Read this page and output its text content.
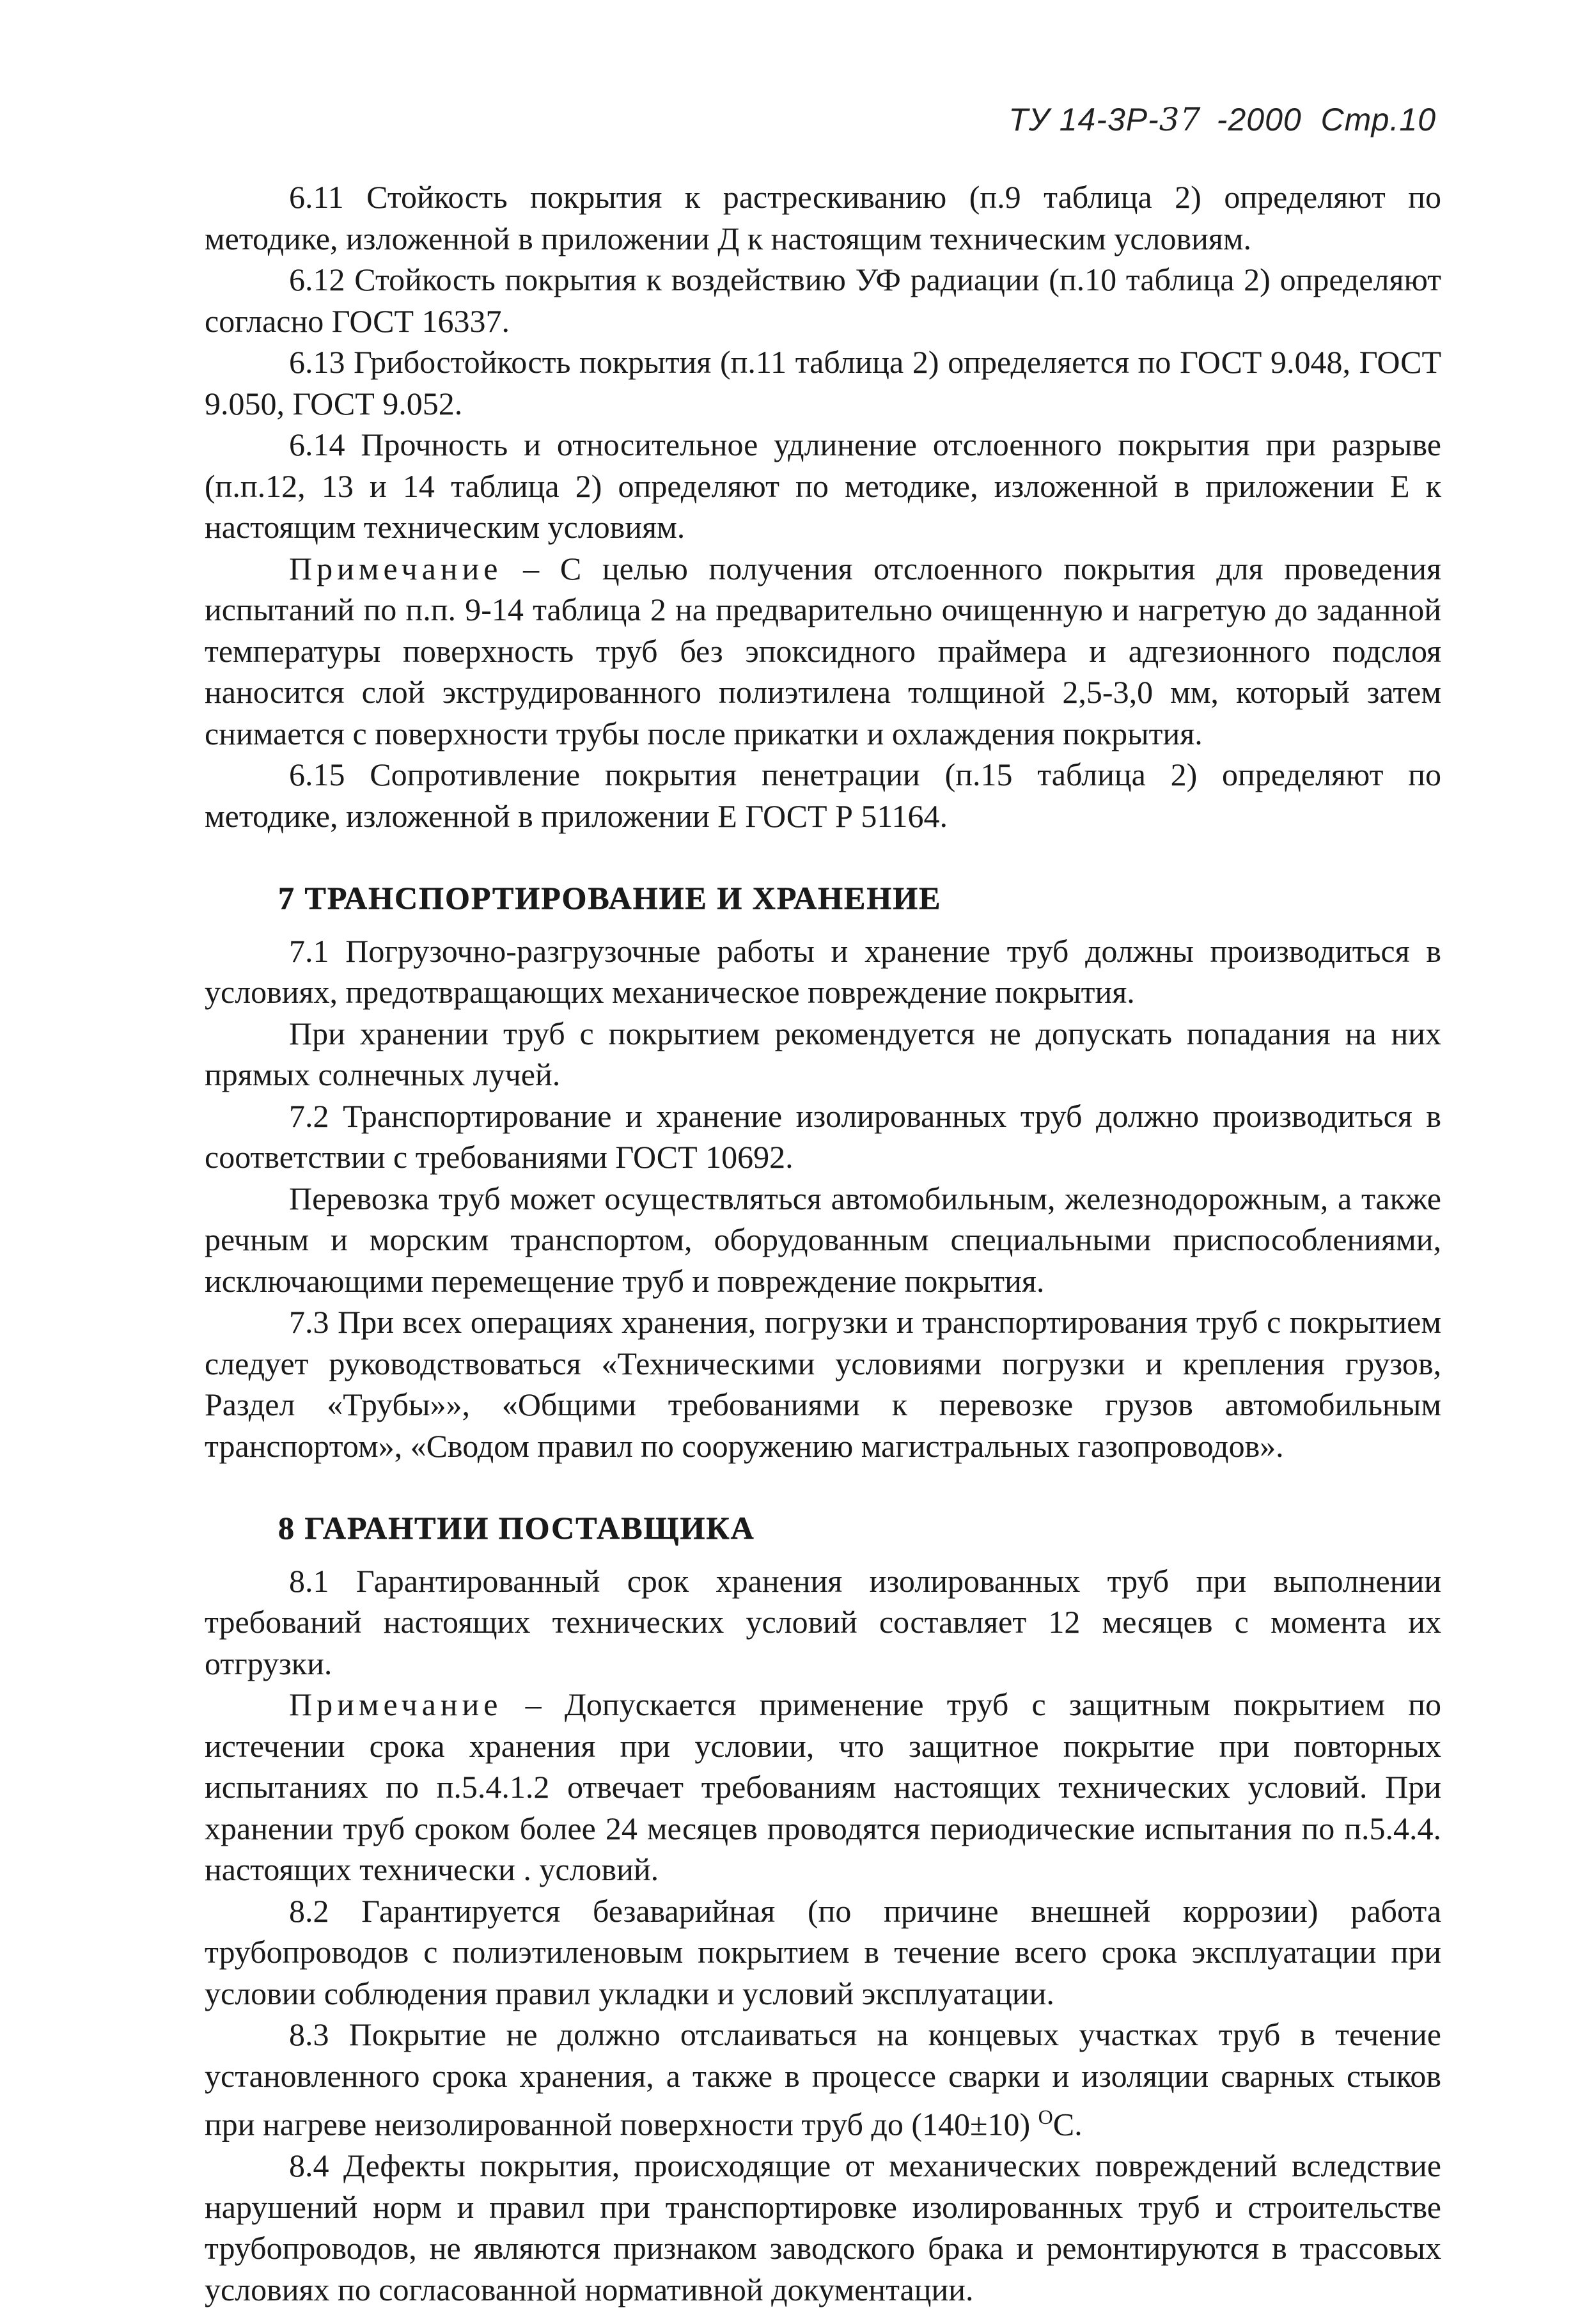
ТУ 14-3Р-37 -2000 Стр.10

6.11 Стойкость покрытия к растрескиванию (п.9 таблица 2) определяют по методике, изложенной в приложении Д к настоящим техническим условиям.

6.12 Стойкость покрытия к воздействию УФ радиации (п.10 таблица 2) определяют согласно ГОСТ 16337.

6.13 Грибостойкость покрытия (п.11 таблица 2) определяется по ГОСТ 9.048, ГОСТ 9.050, ГОСТ 9.052.

6.14 Прочность и относительное удлинение отслоенного покрытия при разрыве (п.п.12, 13 и 14 таблица 2) определяют по методике, изложенной в приложении Е к настоящим техническим условиям.

Примечание – С целью получения отслоенного покрытия для проведения испытаний по п.п. 9-14 таблица 2 на предварительно очищенную и нагретую до заданной температуры поверхность труб без эпоксидного праймера и адгезионного подслоя наносится слой экструдированного полиэтилена толщиной 2,5-3,0 мм, который затем снимается с поверхности трубы после прикатки и охлаждения покрытия.

6.15 Сопротивление покрытия пенетрации (п.15 таблица 2) определяют по методике, изложенной в приложении Е ГОСТ Р 51164.

7 ТРАНСПОРТИРОВАНИЕ И ХРАНЕНИЕ

7.1 Погрузочно-разгрузочные работы и хранение труб должны производиться в условиях, предотвращающих механическое повреждение покрытия.

При хранении труб с покрытием рекомендуется не допускать попадания на них прямых солнечных лучей.

7.2 Транспортирование и хранение изолированных труб должно производиться в соответствии с требованиями ГОСТ 10692.

Перевозка труб может осуществляться автомобильным, железнодорожным, а также речным и морским транспортом, оборудованным специальными приспособлениями, исключающими перемещение труб и повреждение покрытия.

7.3 При всех операциях хранения, погрузки и транспортирования труб с покрытием следует руководствоваться «Техническими условиями погрузки и крепления грузов, Раздел «Трубы»», «Общими требованиями к перевозке грузов автомобильным транспортом», «Сводом правил по сооружению магистральных газопроводов».

8 ГАРАНТИИ ПОСТАВЩИКА

8.1 Гарантированный срок хранения изолированных труб при выполнении требований настоящих технических условий составляет 12 месяцев с момента их отгрузки.

Примечание – Допускается применение труб с защитным покрытием по истечении срока хранения при условии, что защитное покрытие при повторных испытаниях по п.5.4.1.2 отвечает требованиям настоящих технических условий. При хранении труб сроком более 24 месяцев проводятся периодические испытания по п.5.4.4. настоящих технически . условий.

8.2 Гарантируется безаварийная (по причине внешней коррозии) работа трубопроводов с полиэтиленовым покрытием в течение всего срока эксплуатации при условии соблюдения правил укладки и условий эксплуатации.

8.3 Покрытие не должно отслаиваться на концевых участках труб в течение установленного срока хранения, а также в процессе сварки и изоляции сварных стыков при нагреве неизолированной поверхности труб до (140±10) $^О$С.

8.4 Дефекты покрытия, происходящие от механических повреждений вследствие нарушений норм и правил при транспортировке изолированных труб и строительстве трубопроводов, не являются признаком заводского брака и ремонтируются в трассовых условиях по согласованной нормативной документации.
